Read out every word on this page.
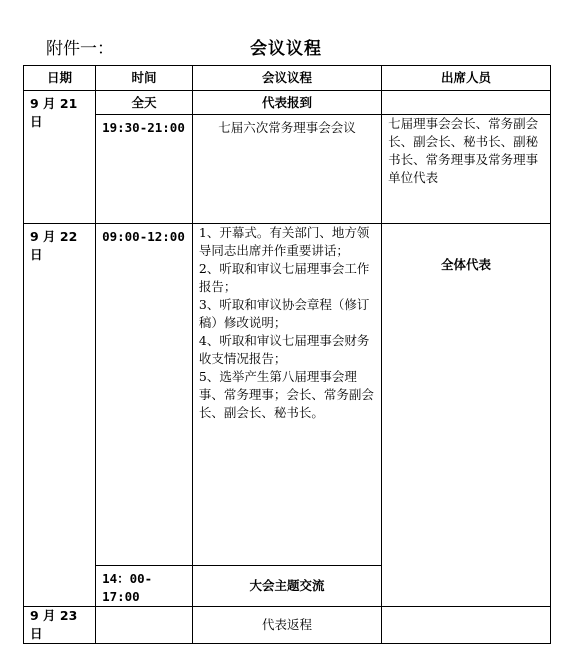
附件一：	会议议程
日期	时间	会议议程	出席人员
9 月 21 日	全天	代表报到	
	19:30-21:00	七届六次常务理事会会议	七届理事会会长、常务副会长、副会长、秘书长、副秘书长、常务理事及常务理事单位代表
9 月 22 日	09:00-12:00	1、开幕式。有关部门、地方领导同志出席并作重要讲话；
2、听取和审议七届理事会工作报告；
3、听取和审议协会章程（修订稿）修改说明；
4、听取和审议七届理事会财务收支情况报告；
5、选举产生第八届理事会理事、常务理事；会长、常务副会长、副会长、秘书长。	全体代表
	14：00-17:00	大会主题交流	
9 月 23 日		代表返程	
